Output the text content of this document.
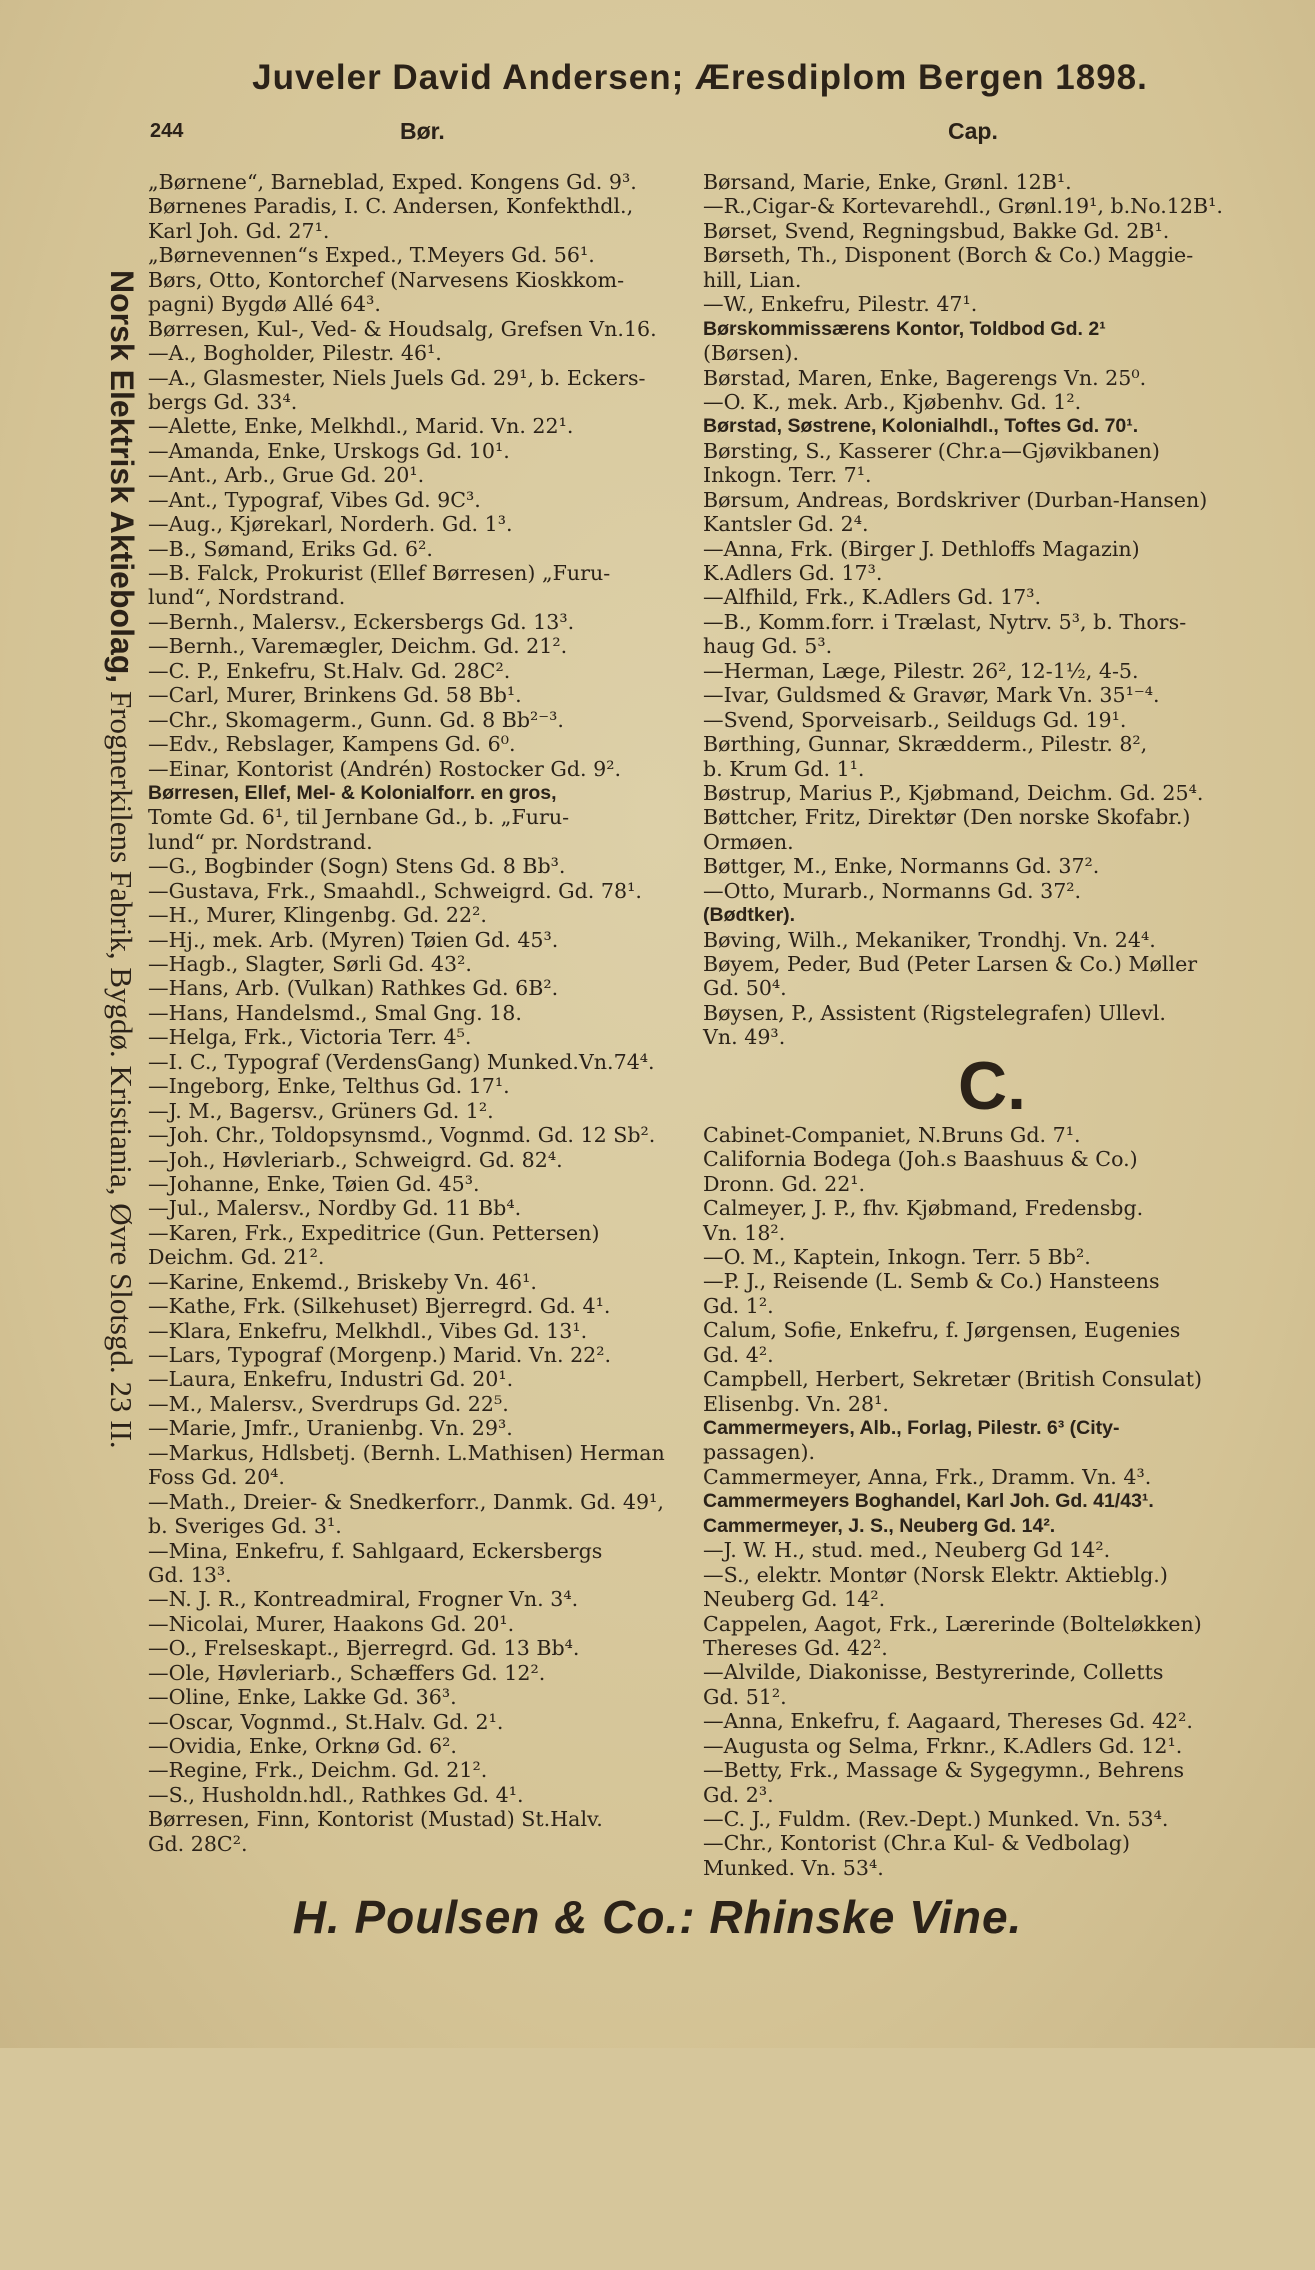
Juveler David Andersen; Æresdiplom Bergen 1898.
244	Bør.	Cap.
Norsk Elektrisk Aktiebolag, Frognerkilens Fabrik, Bygdø. Kristiania, Øvre Slotsgd. 23 II.
„Børnene“, Barneblad, Exped. Kongens Gd. 9³.
Børnenes Paradis, I. C. Andersen, Konfekthdl.,
Karl Joh. Gd. 27¹.
„Børnevennen“s Exped., T.Meyers Gd. 56¹.
Børs, Otto, Kontorchef (Narvesens Kioskkom-
pagni) Bygdø Allé 64³.
Børresen, Kul-, Ved- & Houdsalg, Grefsen Vn.16.
—A., Bogholder, Pilestr. 46¹.
—A., Glasmester, Niels Juels Gd. 29¹, b. Eckers-
bergs Gd. 33⁴.
—Alette, Enke, Melkhdl., Marid. Vn. 22¹.
—Amanda, Enke, Urskogs Gd. 10¹.
—Ant., Arb., Grue Gd. 20¹.
—Ant., Typograf, Vibes Gd. 9C³.
—Aug., Kjørekarl, Norderh. Gd. 1³.
—B., Sømand, Eriks Gd. 6².
—B. Falck, Prokurist (Ellef Børresen) „Furu-
lund“, Nordstrand.
—Bernh., Malersv., Eckersbergs Gd. 13³.
—Bernh., Varemægler, Deichm. Gd. 21².
—C. P., Enkefru, St.Halv. Gd. 28C².
—Carl, Murer, Brinkens Gd. 58 Bb¹.
—Chr., Skomagerm., Gunn. Gd. 8 Bb²⁻³.
—Edv., Rebslager, Kampens Gd. 6⁰.
—Einar, Kontorist (Andrén) Rostocker Gd. 9².
Børresen, Ellef, Mel- & Kolonialforr. en gros,
Tomte Gd. 6¹, til Jernbane Gd., b. „Furu-
lund“ pr. Nordstrand.
—G., Bogbinder (Sogn) Stens Gd. 8 Bb³.
—Gustava, Frk., Smaahdl., Schweigrd. Gd. 78¹.
—H., Murer, Klingenbg. Gd. 22².
—Hj., mek. Arb. (Myren) Tøien Gd. 45³.
—Hagb., Slagter, Sørli Gd. 43².
—Hans, Arb. (Vulkan) Rathkes Gd. 6B².
—Hans, Handelsmd., Smal Gng. 18.
—Helga, Frk., Victoria Terr. 4⁵.
—I. C., Typograf (VerdensGang) Munked.Vn.74⁴.
—Ingeborg, Enke, Telthus Gd. 17¹.
—J. M., Bagersv., Grüners Gd. 1².
—Joh. Chr., Toldopsynsmd., Vognmd. Gd. 12 Sb².
—Joh., Høvleriarb., Schweigrd. Gd. 82⁴.
—Johanne, Enke, Tøien Gd. 45³.
—Jul., Malersv., Nordby Gd. 11 Bb⁴.
—Karen, Frk., Expeditrice (Gun. Pettersen)
Deichm. Gd. 21².
—Karine, Enkemd., Briskeby Vn. 46¹.
—Kathe, Frk. (Silkehuset) Bjerregrd. Gd. 4¹.
—Klara, Enkefru, Melkhdl., Vibes Gd. 13¹.
—Lars, Typograf (Morgenp.) Marid. Vn. 22².
—Laura, Enkefru, Industri Gd. 20¹.
—M., Malersv., Sverdrups Gd. 22⁵.
—Marie, Jmfr., Uranienbg. Vn. 29³.
—Markus, Hdlsbetj. (Bernh. L.Mathisen) Herman
Foss Gd. 20⁴.
—Math., Dreier- & Snedkerforr., Danmk. Gd. 49¹,
b. Sveriges Gd. 3¹.
—Mina, Enkefru, f. Sahlgaard, Eckersbergs
Gd. 13³.
—N. J. R., Kontreadmiral, Frogner Vn. 3⁴.
—Nicolai, Murer, Haakons Gd. 20¹.
—O., Frelseskapt., Bjerregrd. Gd. 13 Bb⁴.
—Ole, Høvleriarb., Schæffers Gd. 12².
—Oline, Enke, Lakke Gd. 36³.
—Oscar, Vognmd., St.Halv. Gd. 2¹.
—Ovidia, Enke, Orknø Gd. 6².
—Regine, Frk., Deichm. Gd. 21².
—S., Husholdn.hdl., Rathkes Gd. 4¹.
Børresen, Finn, Kontorist (Mustad) St.Halv.
Gd. 28C².
Børsand, Marie, Enke, Grønl. 12B¹.
—R.,Cigar-& Kortevarehdl., Grønl.19¹, b.No.12B¹.
Børset, Svend, Regningsbud, Bakke Gd. 2B¹.
Børseth, Th., Disponent (Borch & Co.) Maggie-
hill, Lian.
—W., Enkefru, Pilestr. 47¹.
Børskommissærens Kontor, Toldbod Gd. 2¹
(Børsen).
Børstad, Maren, Enke, Bagerengs Vn. 25⁰.
—O. K., mek. Arb., Kjøbenhv. Gd. 1².
Børstad, Søstrene, Kolonialhdl., Toftes Gd. 70¹.
Børsting, S., Kasserer (Chr.a—Gjøvikbanen)
Inkogn. Terr. 7¹.
Børsum, Andreas, Bordskriver (Durban-Hansen)
Kantsler Gd. 2⁴.
—Anna, Frk. (Birger J. Dethloffs Magazin)
K.Adlers Gd. 17³.
—Alfhild, Frk., K.Adlers Gd. 17³.
—B., Komm.forr. i Trælast, Nytrv. 5³, b. Thors-
haug Gd. 5³.
—Herman, Læge, Pilestr. 26², 12-1½, 4-5.
—Ivar, Guldsmed & Gravør, Mark Vn. 35¹⁻⁴.
—Svend, Sporveisarb., Seildugs Gd. 19¹.
Børthing, Gunnar, Skrædderm., Pilestr. 8²,
b. Krum Gd. 1¹.
Bøstrup, Marius P., Kjøbmand, Deichm. Gd. 25⁴.
Bøttcher, Fritz, Direktør (Den norske Skofabr.)
Ormøen.
Bøttger, M., Enke, Normanns Gd. 37².
—Otto, Murarb., Normanns Gd. 37².
(Bødtker).
Bøving, Wilh., Mekaniker, Trondhj. Vn. 24⁴.
Bøyem, Peder, Bud (Peter Larsen & Co.) Møller
Gd. 50⁴.
Bøysen, P., Assistent (Rigstelegrafen) Ullevl.
Vn. 49³.
C.
Cabinet-Companiet, N.Bruns Gd. 7¹.
California Bodega (Joh.s Baashuus & Co.)
Dronn. Gd. 22¹.
Calmeyer, J. P., fhv. Kjøbmand, Fredensbg.
Vn. 18².
—O. M., Kaptein, Inkogn. Terr. 5 Bb².
—P. J., Reisende (L. Semb & Co.) Hansteens
Gd. 1².
Calum, Sofie, Enkefru, f. Jørgensen, Eugenies
Gd. 4².
Campbell, Herbert, Sekretær (British Consulat)
Elisenbg. Vn. 28¹.
Cammermeyers, Alb., Forlag, Pilestr. 6³ (City-
passagen).
Cammermeyer, Anna, Frk., Dramm. Vn. 4³.
Cammermeyers Boghandel, Karl Joh. Gd. 41/43¹.
Cammermeyer, J. S., Neuberg Gd. 14².
—J. W. H., stud. med., Neuberg Gd 14².
—S., elektr. Montør (Norsk Elektr. Aktieblg.)
Neuberg Gd. 14².
Cappelen, Aagot, Frk., Lærerinde (Bolteløkken)
Thereses Gd. 42².
—Alvilde, Diakonisse, Bestyrerinde, Colletts
Gd. 51².
—Anna, Enkefru, f. Aagaard, Thereses Gd. 42².
—Augusta og Selma, Frknr., K.Adlers Gd. 12¹.
—Betty, Frk., Massage & Sygegymn., Behrens
Gd. 2³.
—C. J., Fuldm. (Rev.-Dept.) Munked. Vn. 53⁴.
—Chr., Kontorist (Chr.a Kul- & Vedbolag)
Munked. Vn. 53⁴.
H. Poulsen & Co.: Rhinske Vine.
